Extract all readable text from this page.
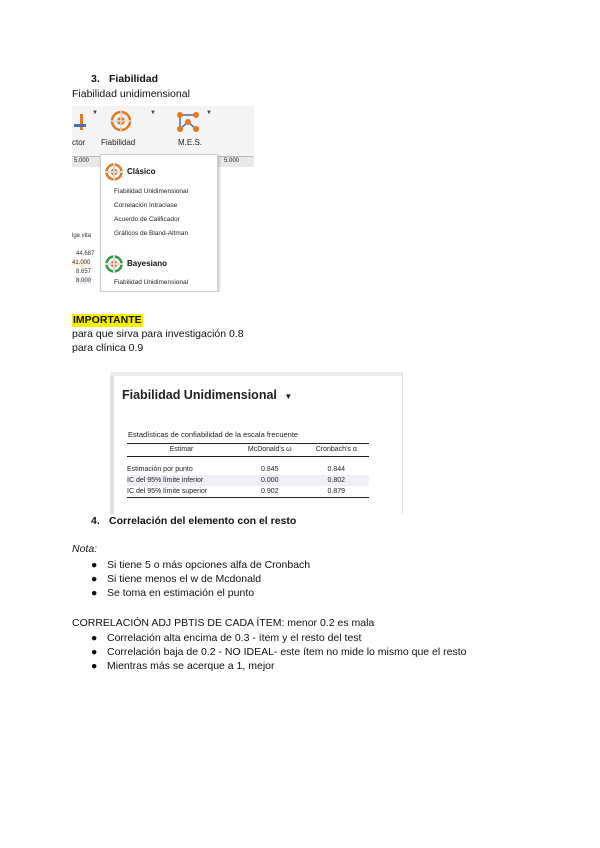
3. Fiabilidad
Fiabilidad unidimensional
▼
ctor
▼
Fiabilidad
▼
M.E.S.
5.000	5.000
lge vita
44.687
41.000
8.657
8.000
Clásico
Fiabilidad Unidimensional
Correlación Intraclase
Acuerdo de Calificador
Gráficos de Bland-Altman
Bayesiano
Fiabilidad Unidimensional
IMPORTANTE
para que sirva para investigación 0.8
para clínica 0.9
Fiabilidad Unidimensional ▼
Estadísticas de confiabilidad de la escala frecuente
Estimar	McDonald's ω	Cronbach's α
Estimación por punto	0.845	0.844
IC del 95% límite inferior	0.000	0.802
IC del 95% límite superior	0.902	0.879
4. Correlación del elemento con el resto
Nota:
● Si tiene 5 o más opciones alfa de Cronbach
● Si tiene menos el w de Mcdonald
● Se toma en estimación el punto
CORRELACIÓN ADJ PBTIS DE CADA ÍTEM: menor 0.2 es mala
● Correlación alta encima de 0.3 - ítem y el resto del test
● Correlación baja de 0.2 - NO IDEAL- este ítem no mide lo mismo que el resto
● Mientras más se acerque a 1, mejor
